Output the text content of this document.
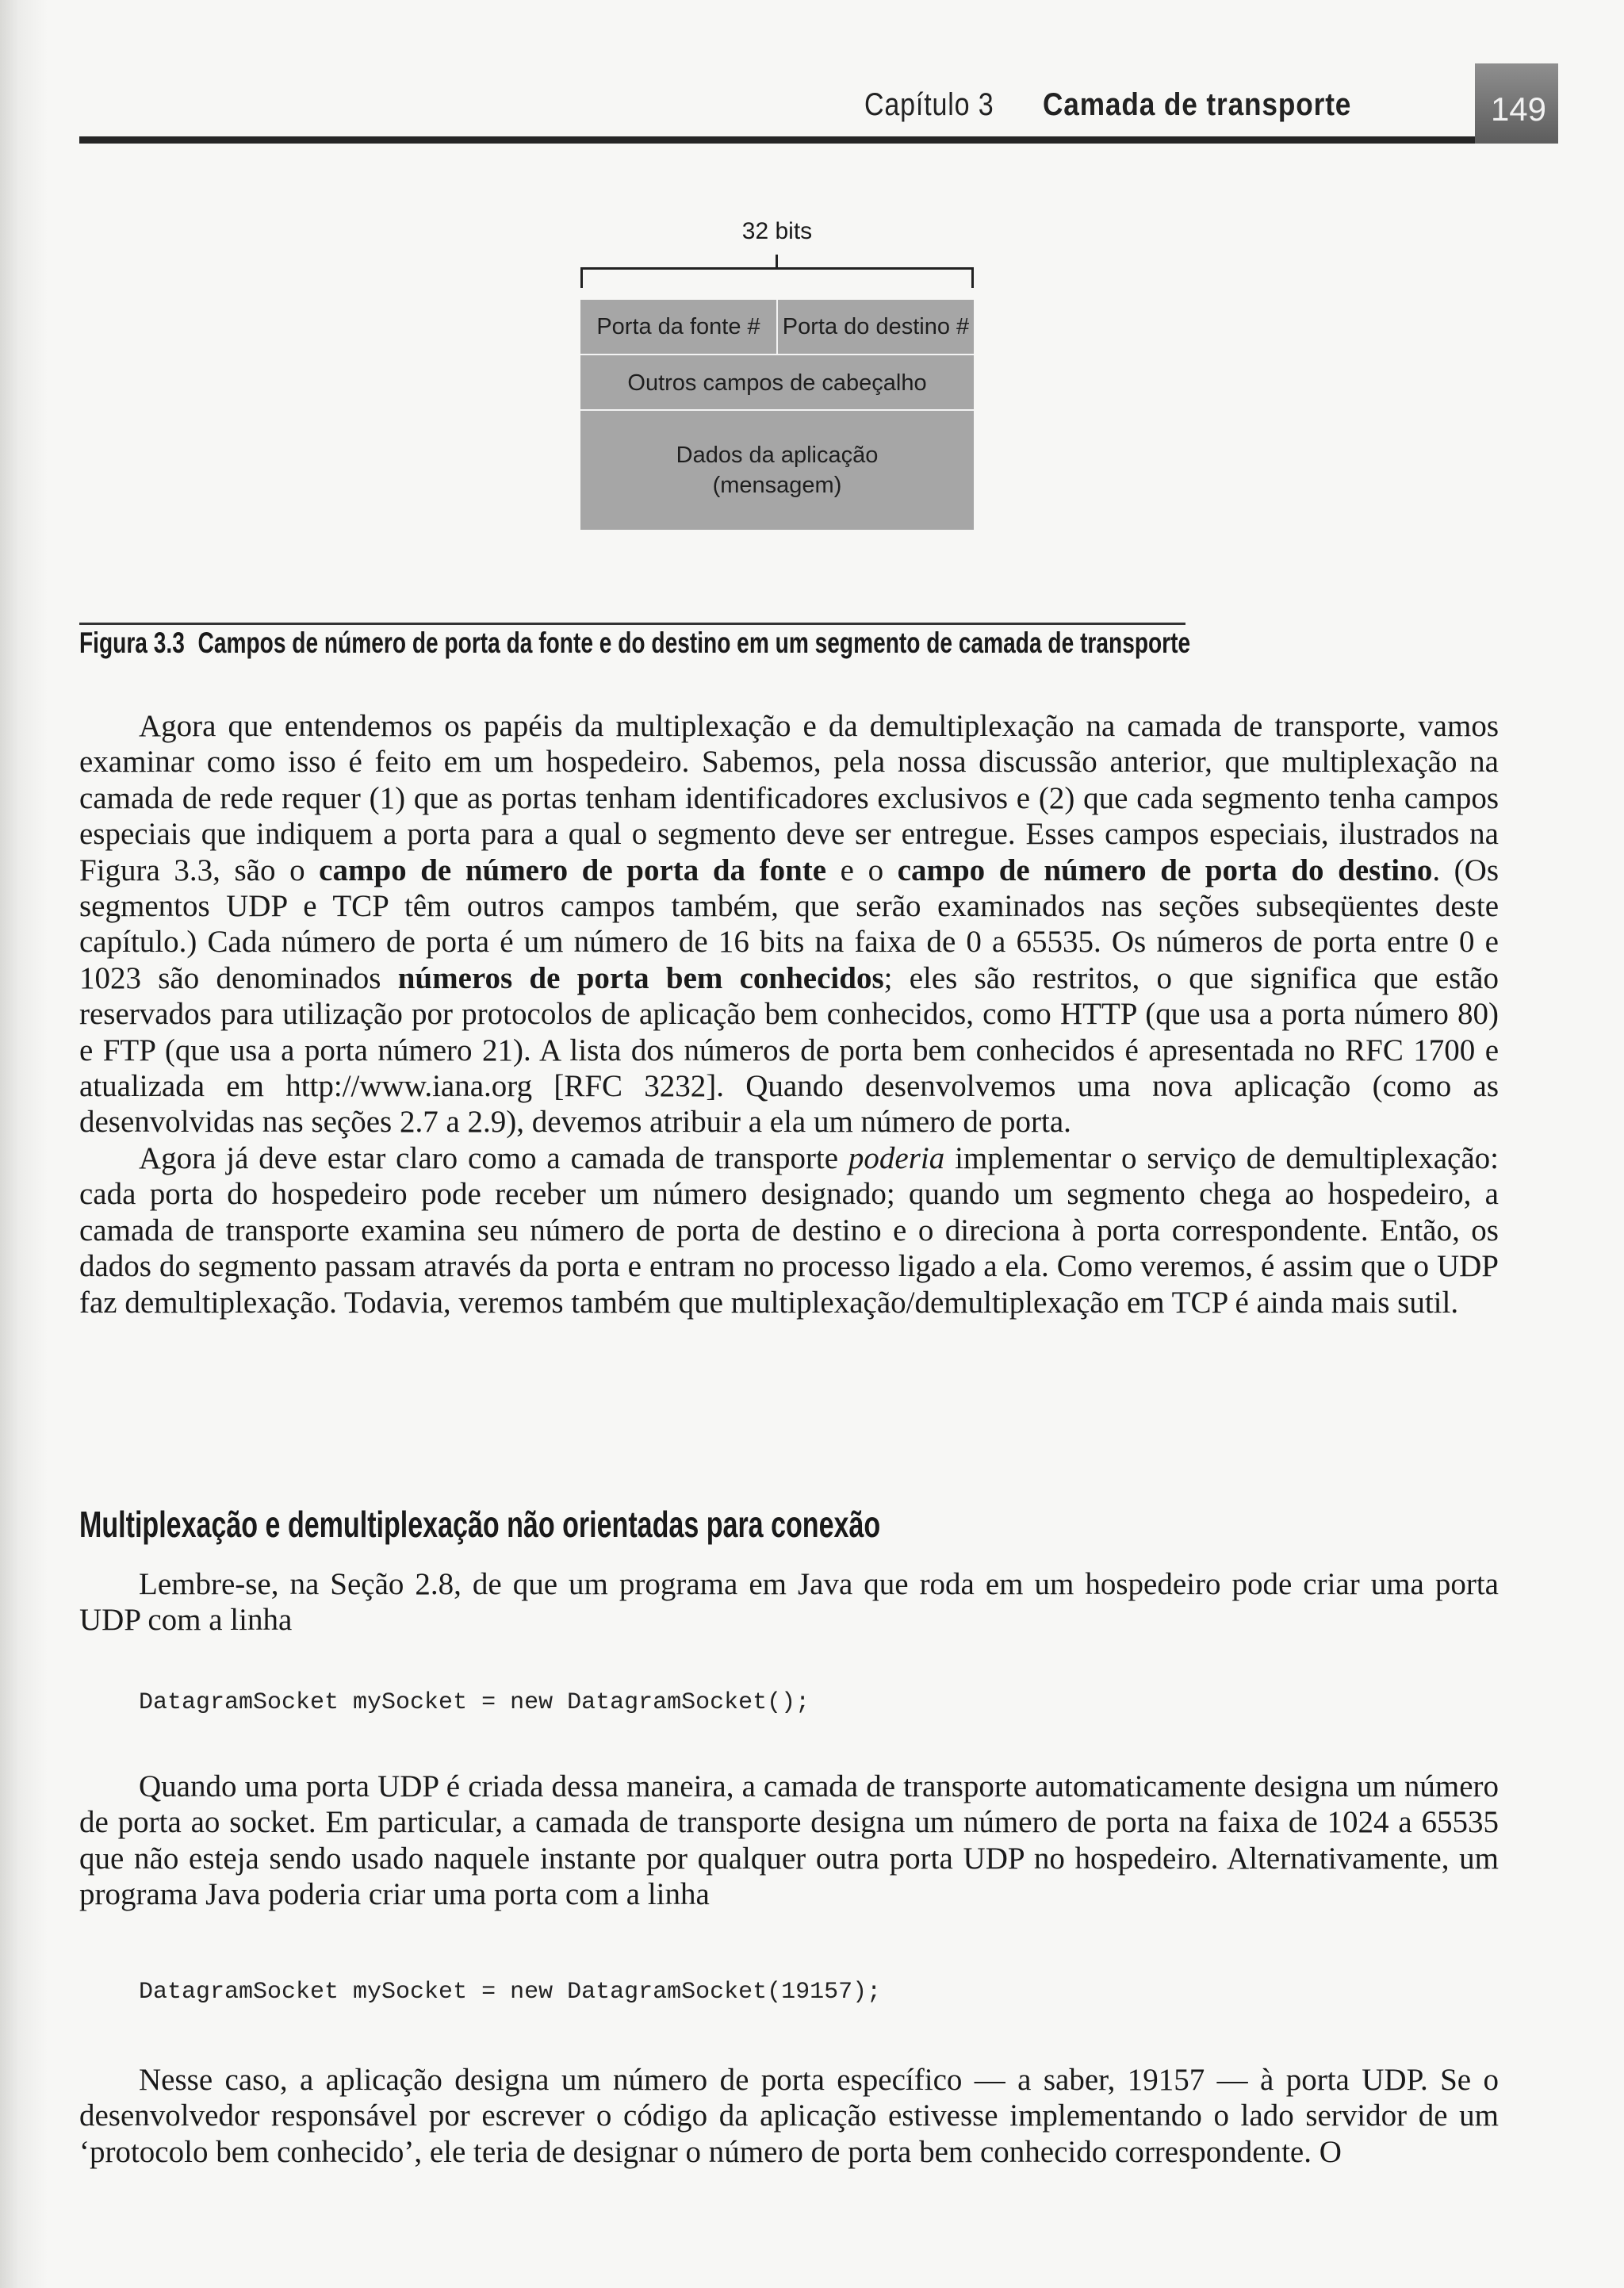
Capítulo 3 Camada de transporte	149
32 bits
Porta da fonte # Porta do destino #
Outros campos de cabeçalho
Dados da aplicação
(mensagem)
Figura 3.3 Campos de número de porta da fonte e do destino em um segmento de camada de transporte

Agora que entendemos os papéis da multiplexação e da demultiplexação na camada de transporte, vamos examinar como isso é feito em um hospedeiro. Sabemos, pela nossa discussão anterior, que multiplexação na camada de rede requer (1) que as portas tenham identificadores exclusivos e (2) que cada segmento tenha campos especiais que indiquem a porta para a qual o segmento deve ser entregue. Esses campos especiais, ilustrados na Figura 3.3, são o campo de número de porta da fonte e o campo de número de porta do destino. (Os segmentos UDP e TCP têm outros campos também, que serão examinados nas seções subseqüentes deste capítulo.) Cada número de porta é um número de 16 bits na faixa de 0 a 65535. Os números de porta entre 0 e 1023 são denominados números de porta bem conhecidos; eles são restritos, o que significa que estão reservados para utilização por protocolos de aplicação bem conhecidos, como HTTP (que usa a porta número 80) e FTP (que usa a porta número 21). A lista dos números de porta bem conhecidos é apresentada no RFC 1700 e atualizada em http://www.iana.org [RFC 3232]. Quando desenvolvemos uma nova aplicação (como as desenvolvidas nas seções 2.7 a 2.9), devemos atribuir a ela um número de porta.

Agora já deve estar claro como a camada de transporte poderia implementar o serviço de demultiplexação: cada porta do hospedeiro pode receber um número designado; quando um segmento chega ao hospedeiro, a camada de transporte examina seu número de porta de destino e o direciona à porta correspondente. Então, os dados do segmento passam através da porta e entram no processo ligado a ela. Como veremos, é assim que o UDP faz demultiplexação. Todavia, veremos também que multiplexação/demultiplexação em TCP é ainda mais sutil.

Multiplexação e demultiplexação não orientadas para conexão

Lembre-se, na Seção 2.8, de que um programa em Java que roda em um hospedeiro pode criar uma porta UDP com a linha

DatagramSocket mySocket = new DatagramSocket();

Quando uma porta UDP é criada dessa maneira, a camada de transporte automaticamente designa um número de porta ao socket. Em particular, a camada de transporte designa um número de porta na faixa de 1024 a 65535 que não esteja sendo usado naquele instante por qualquer outra porta UDP no hospedeiro. Alternativamente, um programa Java poderia criar uma porta com a linha

DatagramSocket mySocket = new DatagramSocket(19157);

Nesse caso, a aplicação designa um número de porta específico — a saber, 19157 — à porta UDP. Se o desenvolvedor responsável por escrever o código da aplicação estivesse implementando o lado servidor de um ‘protocolo bem conhecido’, ele teria de designar o número de porta bem conhecido correspondente. O
